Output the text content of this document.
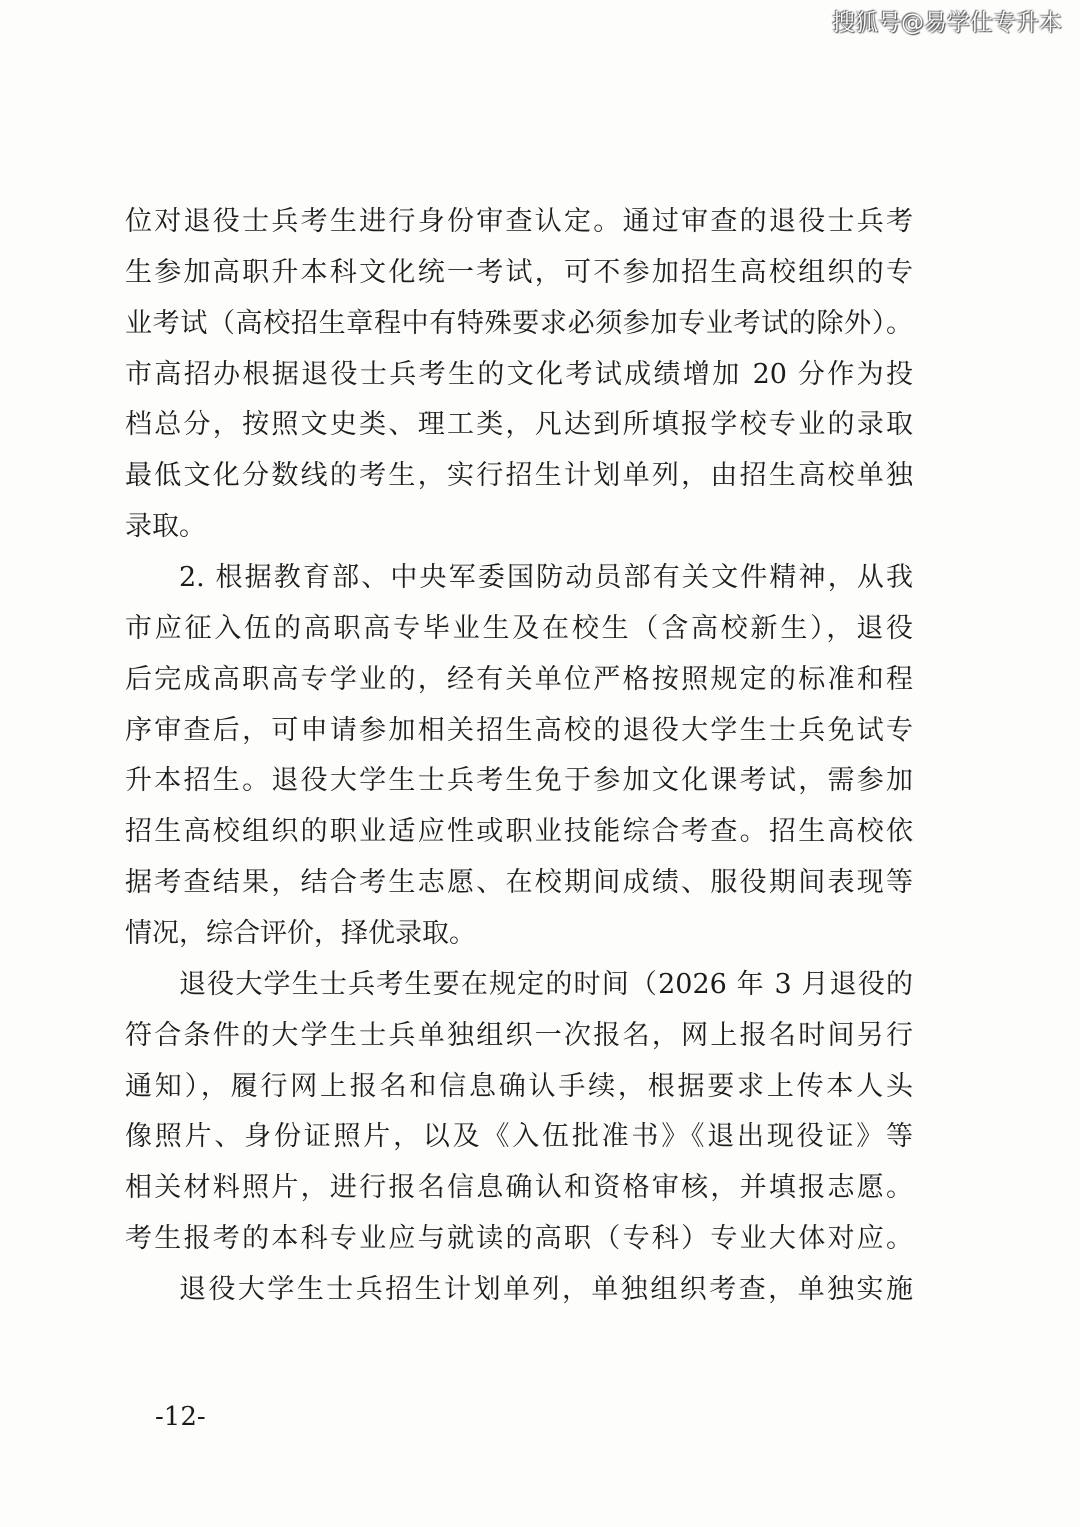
搜狐号@易学仕专升本
位对退役士兵考生进行身份审查认定。通过审查的退役士兵考
生参加高职升本科文化统一考试，可不参加招生高校组织的专
业考试（高校招生章程中有特殊要求必须参加专业考试的除外）。
市高招办根据退役士兵考生的文化考试成绩增加 20 分作为投
档总分，按照文史类、理工类，凡达到所填报学校专业的录取
最低文化分数线的考生，实行招生计划单列，由招生高校单独
录取。
2. 根据教育部、中央军委国防动员部有关文件精神，从我
市应征入伍的高职高专毕业生及在校生（含高校新生），退役
后完成高职高专学业的，经有关单位严格按照规定的标准和程
序审查后，可申请参加相关招生高校的退役大学生士兵免试专
升本招生。退役大学生士兵考生免于参加文化课考试，需参加
招生高校组织的职业适应性或职业技能综合考查。招生高校依
据考查结果，结合考生志愿、在校期间成绩、服役期间表现等
情况，综合评价，择优录取。
退役大学生士兵考生要在规定的时间（2026 年 3 月退役的
符合条件的大学生士兵单独组织一次报名，网上报名时间另行
通知），履行网上报名和信息确认手续，根据要求上传本人头
像照片、身份证照片，以及《入伍批准书》《退出现役证》等
相关材料照片，进行报名信息确认和资格审核，并填报志愿。
考生报考的本科专业应与就读的高职（专科）专业大体对应。
退役大学生士兵招生计划单列，单独组织考查，单独实施
-12-
